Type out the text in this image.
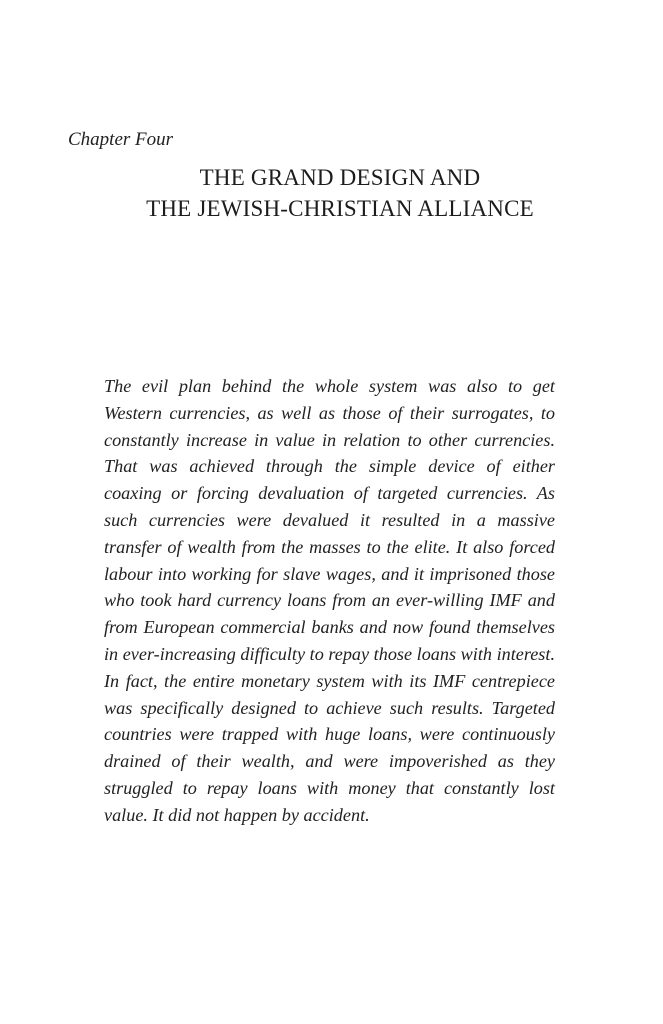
Chapter Four

THE GRAND DESIGN AND
THE JEWISH-CHRISTIAN ALLIANCE

The evil plan behind the whole system was also to get Western currencies, as well as those of their surrogates, to constantly increase in value in relation to other currencies. That was achieved through the simple device of either coaxing or forcing devaluation of targeted currencies. As such currencies were devalued it resulted in a massive transfer of wealth from the masses to the elite. It also forced labour into working for slave wages, and it imprisoned those who took hard currency loans from an ever-willing IMF and from European commercial banks and now found themselves in ever-increasing difficulty to repay those loans with interest. In fact, the entire monetary system with its IMF centrepiece was specifically designed to achieve such results. Targeted countries were trapped with huge loans, were continuously drained of their wealth, and were impoverished as they struggled to repay loans with money that constantly lost value. It did not happen by accident.
